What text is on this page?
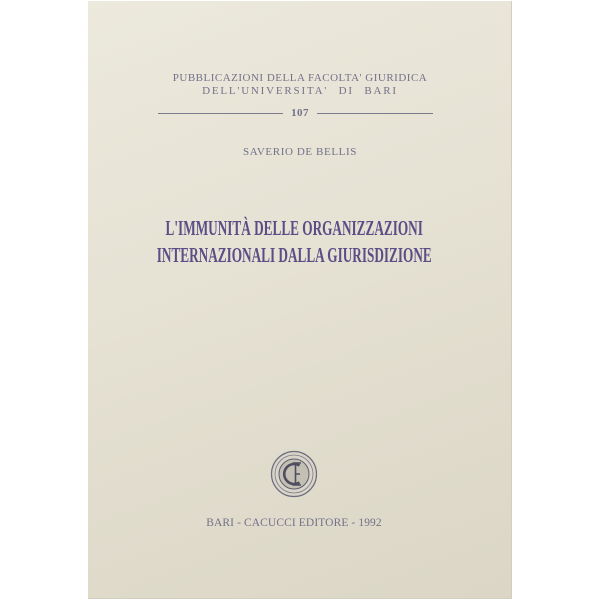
PUBBLICAZIONI DELLA FACOLTA' GIURIDICA
DELL'UNIVERSITA' DI BARI
107
SAVERIO DE BELLIS
L'IMMUNITÀ DELLE ORGANIZZAZIONI
INTERNAZIONALI DALLA GIURISDIZIONE
BARI - CACUCCI EDITORE - 1992
